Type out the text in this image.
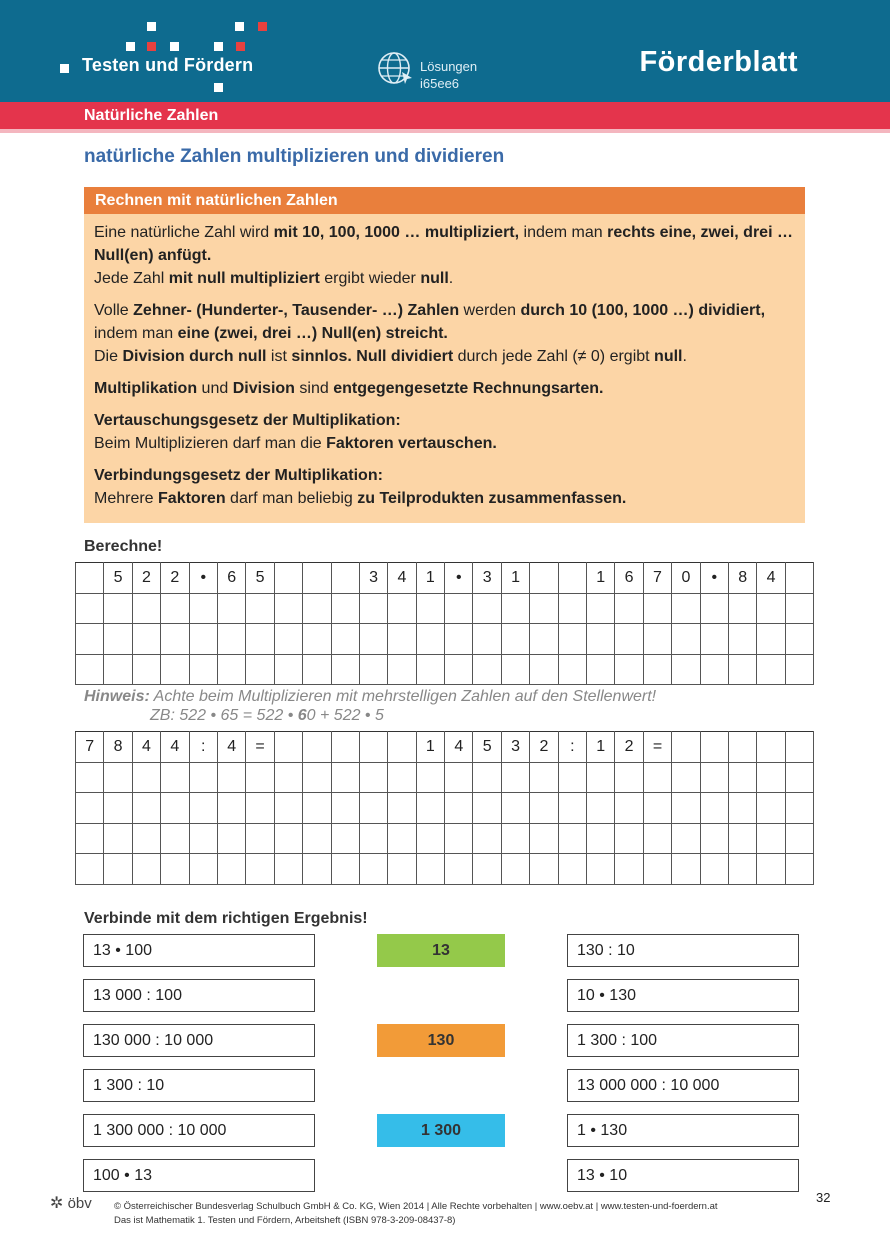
Testen und Fördern	Lösungen
i65ee6
Förderblatt
Natürliche Zahlen
natürliche Zahlen multiplizieren und dividieren
Rechnen mit natürlichen Zahlen

Eine natürliche Zahl wird mit 10, 100, 1000 … multipliziert, indem man rechts eine, zwei, drei … Null(en) anfügt.
Jede Zahl mit null multipliziert ergibt wieder null.

Volle Zehner- (Hunderter-, Tausender- …) Zahlen werden durch 10 (100, 1000 …) dividiert, indem man eine (zwei, drei …) Null(en) streicht.
Die Division durch null ist sinnlos. Null dividiert durch jede Zahl (≠ 0) ergibt null.

Multiplikation und Division sind entgegengesetzte Rechnungsarten.

Vertauschungsgesetz der Multiplikation:
Beim Multiplizieren darf man die Faktoren vertauschen.

Verbindungsgesetz der Multiplikation:
Mehrere Faktoren darf man beliebig zu Teilprodukten zusammenfassen.

Berechne!
	5	2	2	•	6	5				3	4	1	•	3	1			1	6	7	0	•	8	4	

Hinweis: Achte beim Multiplizieren mit mehrstelligen Zahlen auf den Stellenwert!
ZB: 522 • 65 = 522 • 60 + 522 • 5
7	8	4	4	:	4	=						1	4	5	3	2	:	1	2	=					

Verbinde mit dem richtigen Ergebnis!
13 • 100
13 000 : 100
130 000 : 10 000
1 300 : 10
1 300 000 : 10 000
100 • 13
130 : 10
10 • 130
1 300 : 100
13 000 000 : 10 000
1 • 130
13 • 10
13
130
1 300
✲ öbv © Österreichischer Bundesverlag Schulbuch GmbH & Co. KG, Wien 2014 | Alle Rechte vorbehalten | www.oebv.at | www.testen-und-foerdern.at
Das ist Mathematik 1. Testen und Fördern, Arbeitsheft (ISBN 978-3-209-08437-8)
32
